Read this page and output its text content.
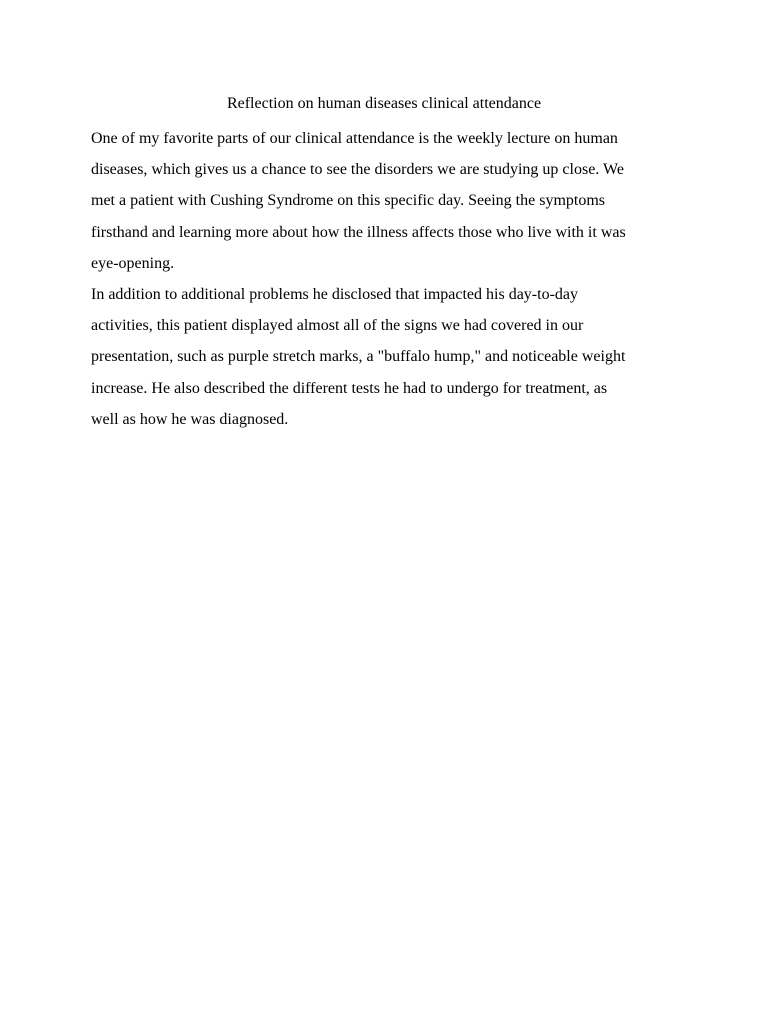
Reflection on human diseases clinical attendance

One of my favorite parts of our clinical attendance is the weekly lecture on human
diseases, which gives us a chance to see the disorders we are studying up close. We
met a patient with Cushing Syndrome on this specific day. Seeing the symptoms
firsthand and learning more about how the illness affects those who live with it was
eye-opening.

In addition to additional problems he disclosed that impacted his day-to-day
activities, this patient displayed almost all of the signs we had covered in our
presentation, such as purple stretch marks, a "buffalo hump," and noticeable weight
increase. He also described the different tests he had to undergo for treatment, as
well as how he was diagnosed.
